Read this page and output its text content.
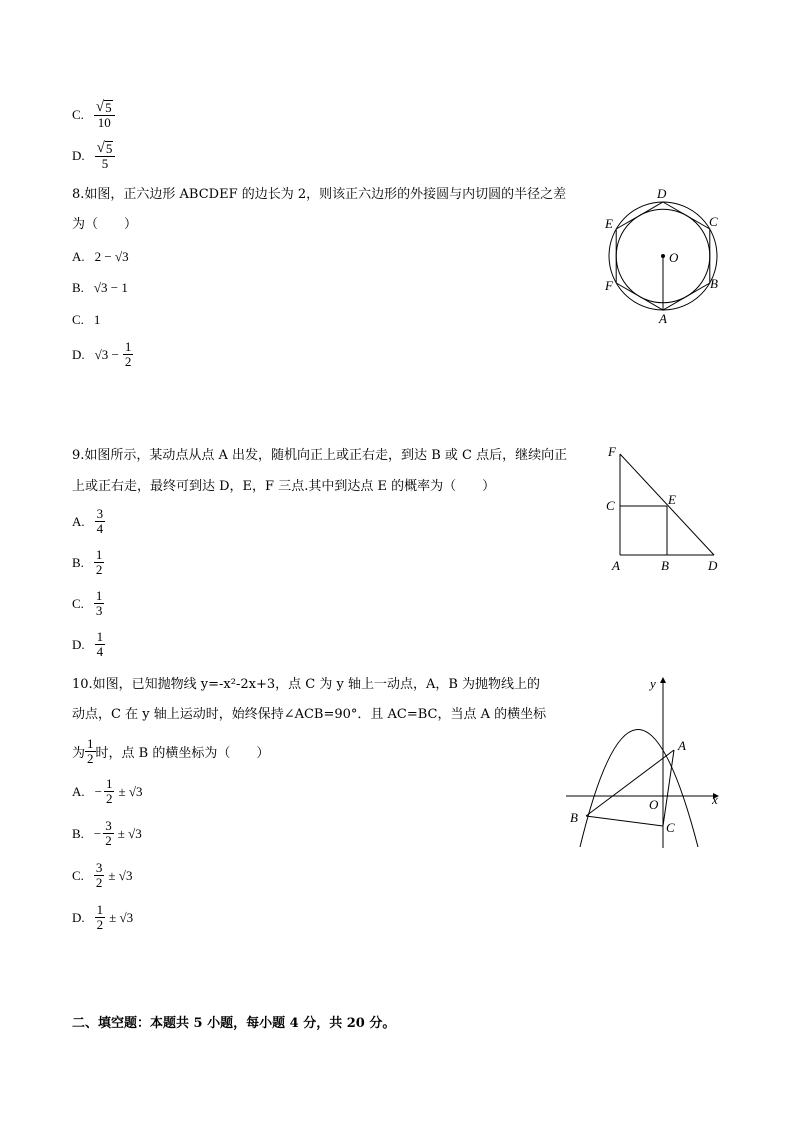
C. $\frac{√ 5}{10}$
D. $\frac{√ 5}{5}$
8.如图，正六边形 ABCDEF 的边长为 2，则该正六边形的外接圆与内切圆的半径之差
为（　　）
A. 2 − √3
B. √3 − 1
C. 1
D. $√3 - \frac{1}{2}$
D
C
E
O
F	B
A
9.如图所示，某动点从点 A 出发，随机向正上或正右走，到达 B 或 C 点后，继续向正
上或正右走，最终可到达 D，E，F 三点.其中到达点 E 的概率为（　　）
A. $\frac{3}{4}$
B. $\frac{1}{2}$
C. $\frac{1}{3}$
D. $\frac{1}{4}$
F
C	E
A	B	D
10.如图，已知抛物线 y=-x²-2x+3，点 C 为 y 轴上一动点，A，B 为抛物线上的
动点，C 在 y 轴上运动时，始终保持∠ACB=90°．且 AC=BC，当点 A 的横坐标
为 $\frac{1}{2}$ 时，点 B 的横坐标为（　　）
A. − $\frac{1}{2} \pm √3$
B. − $\frac{3}{2} \pm √3$
C. $\frac{3}{2} \pm √3$
D. $\frac{1}{2} \pm √3$
y
x
O
A
B
C
二、填空题：本题共 5 小题，每小题 4 分，共 20 分。
